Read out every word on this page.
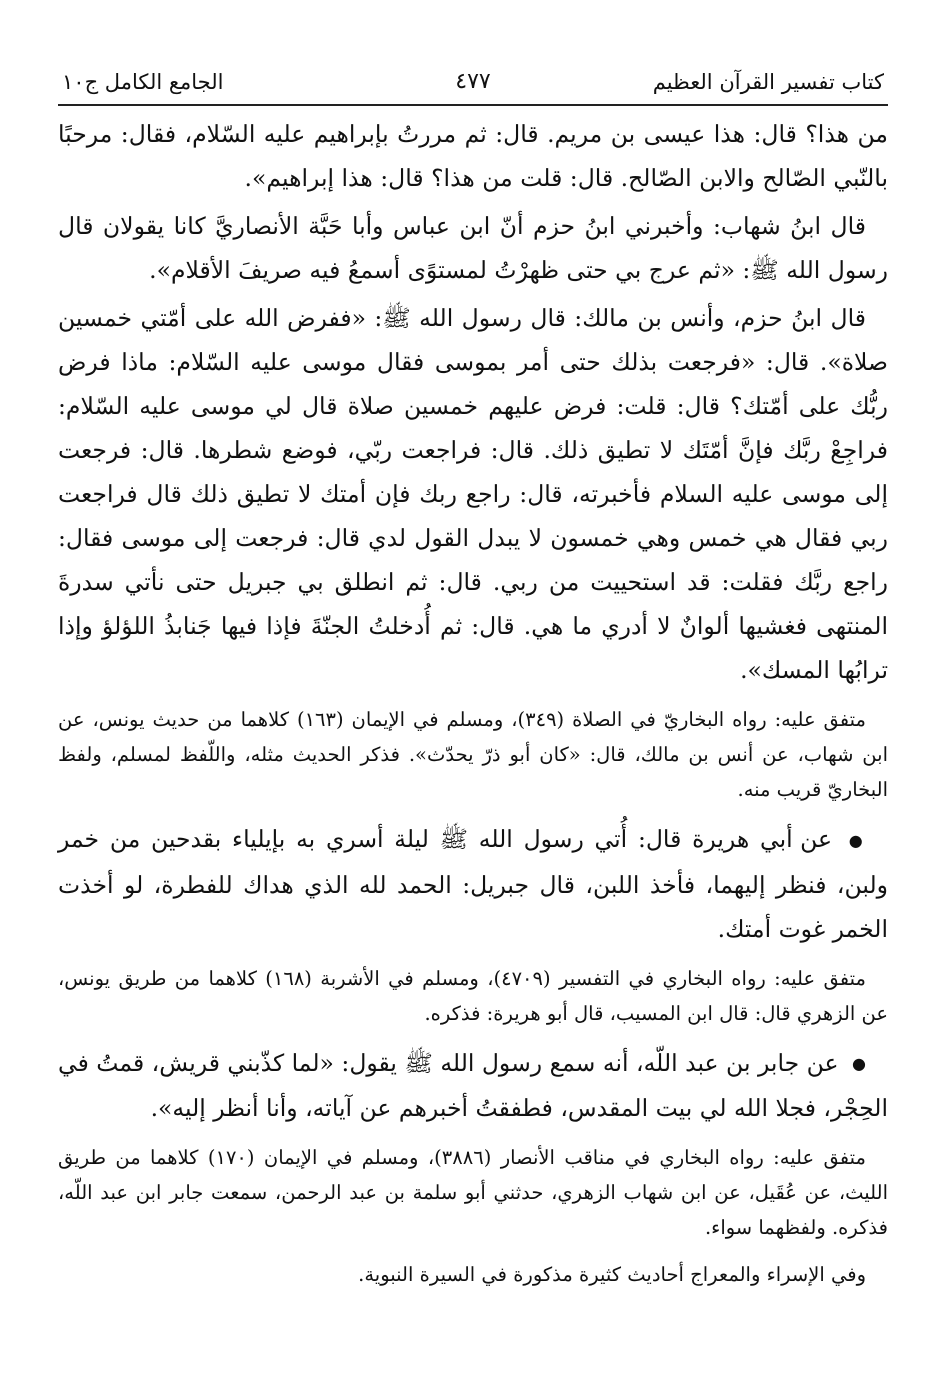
كتاب تفسير القرآن العظيم
٤٧٧
الجامع الكامل ج١٠

من هذا؟ قال: هذا عيسى بن مريم. قال: ثم مررتُ بإبراهيم عليه السّلام، فقال: مرحبًا بالنّبي الصّالح والابن الصّالح. قال: قلت من هذا؟ قال: هذا إبراهيم».

قال ابنُ شهاب: وأخبرني ابنُ حزم أنّ ابن عباس وأبا حَبَّة الأنصاريَّ كانا يقولان قال رسول الله ﷺ: «ثم عرج بي حتى ظهرْتُ لمستوًى أسمعُ فيه صريفَ الأقلام».

قال ابنُ حزم، وأنس بن مالك: قال رسول الله ﷺ: «ففرض الله على أمّتي خمسين صلاة». قال: «فرجعت بذلك حتى أمر بموسى فقال موسى عليه السّلام: ماذا فرض ربُّك على أمّتك؟ قال: قلت: فرض عليهم خمسين صلاة قال لي موسى عليه السّلام: فراجِعْ ربَّك فإنَّ أمّتَك لا تطيق ذلك. قال: فراجعت ربّي، فوضع شطرها. قال: فرجعت إلى موسى عليه السلام فأخبرته، قال: راجع ربك فإن أمتك لا تطيق ذلك قال فراجعت ربي فقال هي خمس وهي خمسون لا يبدل القول لدي قال: فرجعت إلى موسى فقال: راجع ربَّك فقلت: قد استحييت من ربي. قال: ثم انطلق بي جبريل حتى نأتي سدرةَ المنتهى فغشيها ألوانٌ لا أدري ما هي. قال: ثم أُدخلتُ الجنّةَ فإذا فيها جَنابذُ اللؤلؤ وإذا ترابُها المسك».

متفق عليه: رواه البخاريّ في الصلاة (٣٤٩)، ومسلم في الإيمان (١٦٣) كلاهما من حديث يونس، عن ابن شهاب، عن أنس بن مالك، قال: «كان أبو ذرّ يحدّث». فذكر الحديث مثله، واللّفظ لمسلم، ولفظ البخاريّ قريب منه.

● عن أبي هريرة قال: أُتي رسول الله ﷺ ليلة أسري به بإيلياء بقدحين من خمر ولبن، فنظر إليهما، فأخذ اللبن، قال جبريل: الحمد لله الذي هداك للفطرة، لو أخذت الخمر غوت أمتك.

متفق عليه: رواه البخاري في التفسير (٤٧٠٩)، ومسلم في الأشربة (١٦٨) كلاهما من طريق يونس، عن الزهري قال: قال ابن المسيب، قال أبو هريرة: فذكره.

● عن جابر بن عبد اللّه، أنه سمع رسول الله ﷺ يقول: «لما كذّبني قريش، قمتُ في الحِجْر، فجلا الله لي بيت المقدس، فطفقتُ أخبرهم عن آياته، وأنا أنظر إليه».

متفق عليه: رواه البخاري في مناقب الأنصار (٣٨٨٦)، ومسلم في الإيمان (١٧٠) كلاهما من طريق الليث، عن عُقَيل، عن ابن شهاب الزهري، حدثني أبو سلمة بن عبد الرحمن، سمعت جابر ابن عبد اللّه، فذكره. ولفظهما سواء.

وفي الإسراء والمعراج أحاديث كثيرة مذكورة في السيرة النبوية.
